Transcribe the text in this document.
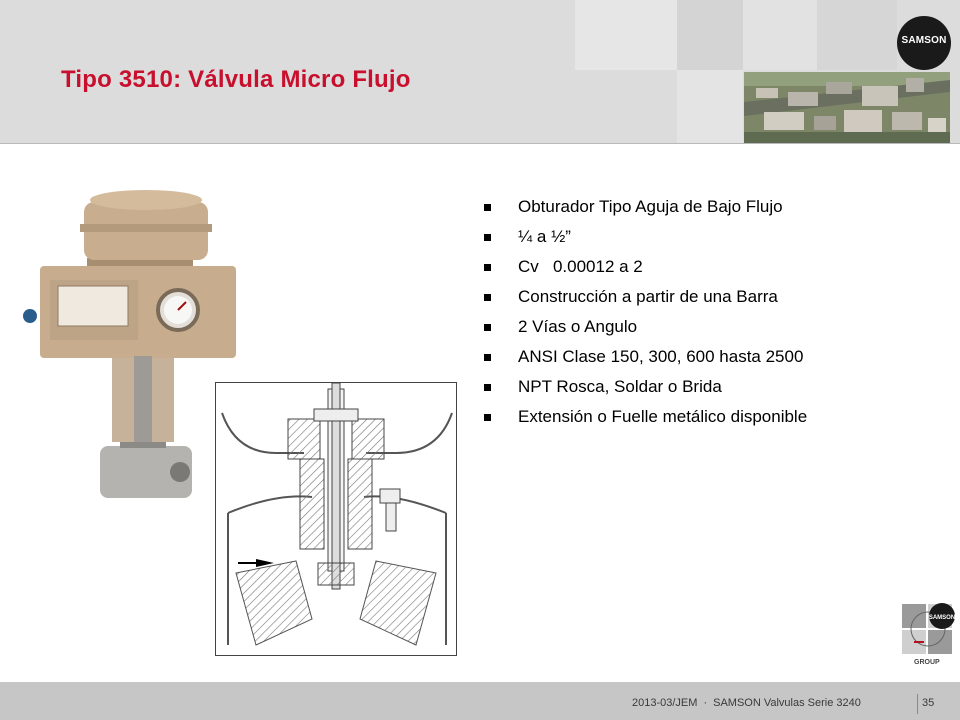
Tipo 3510: Válvula Micro Flujo
SAMSON
Obturador Tipo Aguja de Bajo Flujo
¼ a ½”
Cv   0.00012 a 2
Construcción a partir de una Barra
2 Vías o Angulo
ANSI Clase 150, 300, 600 hasta 2500
NPT Rosca, Soldar o Brida
Extensión o Fuelle metálico disponible
SAMSON
GROUP
2013-03/JEM · SAMSON Valvulas Serie 3240	35
